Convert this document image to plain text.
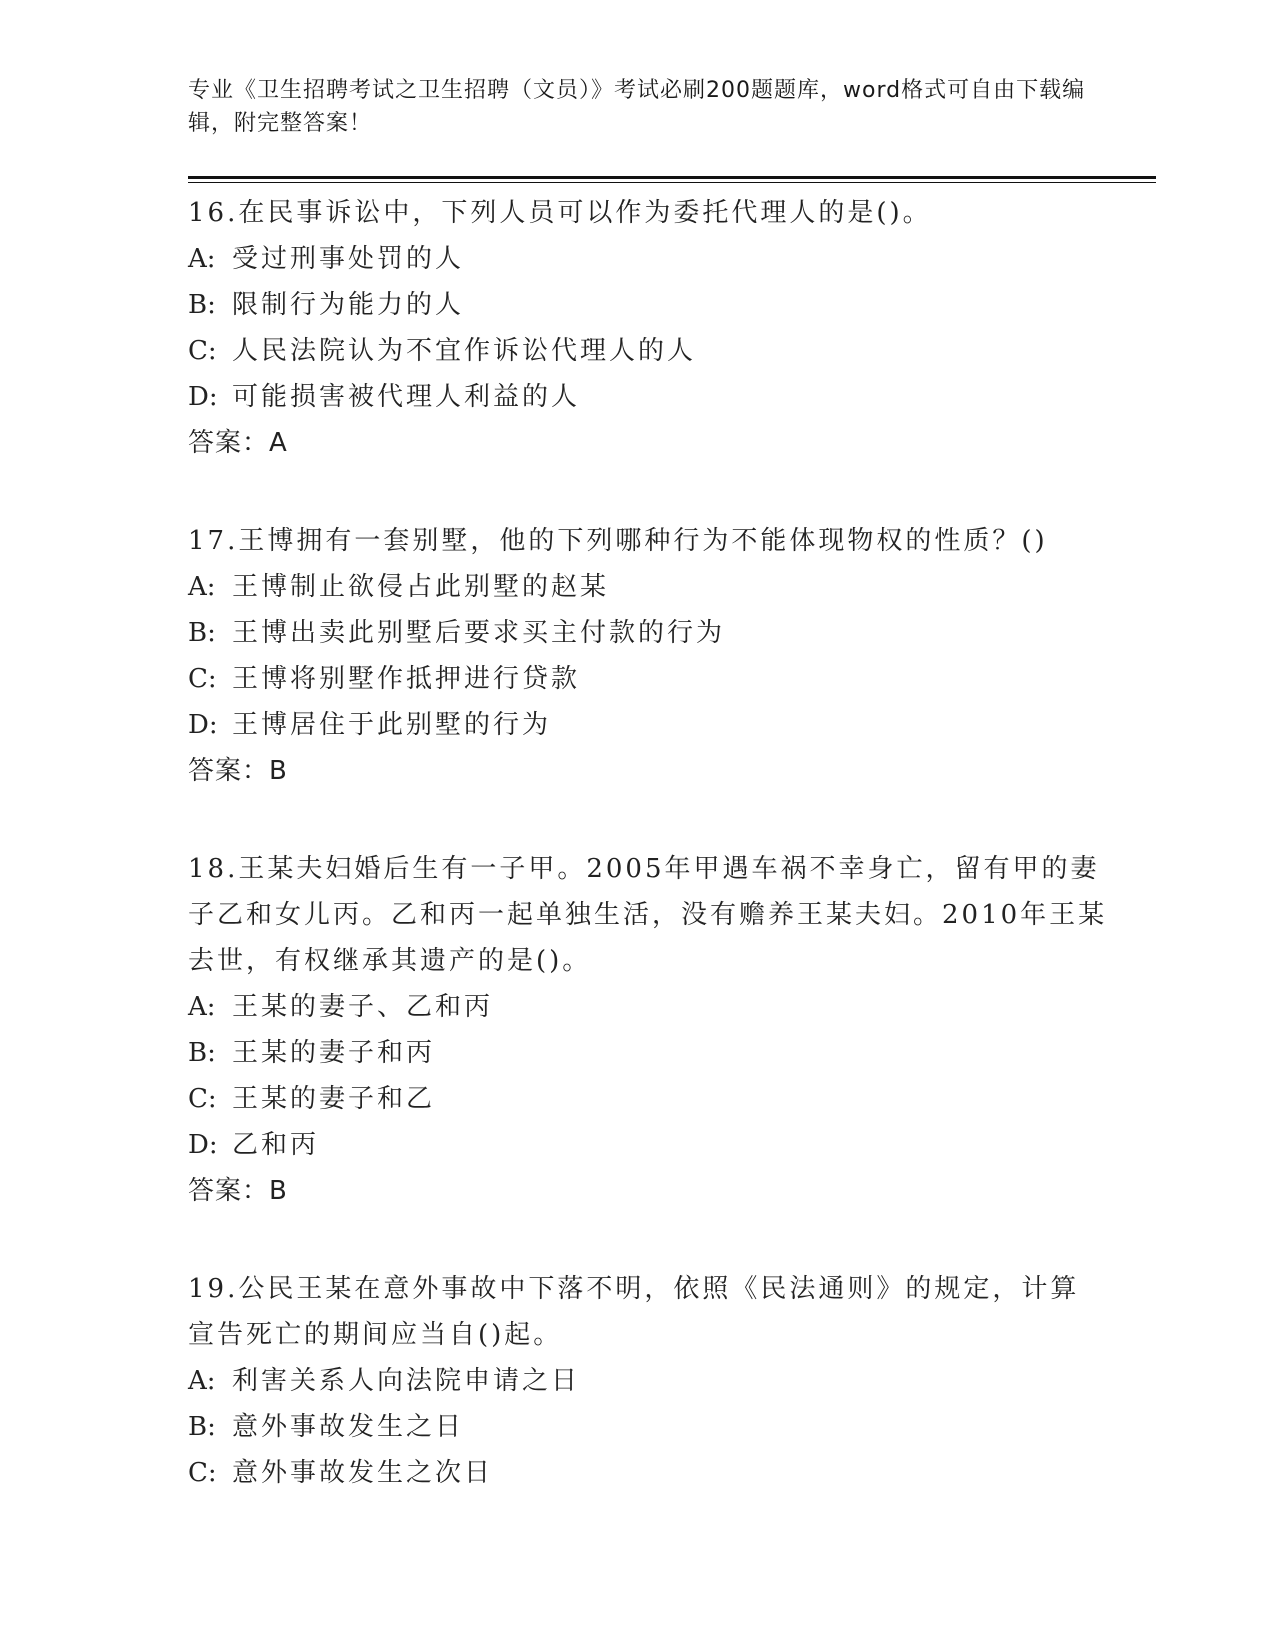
专业《卫生招聘考试之卫生招聘（文员）》考试必刷200题题库，word格式可自由下载编辑，附完整答案！

16.在民事诉讼中，下列人员可以作为委托代理人的是()。

A: 受过刑事处罚的人

B: 限制行为能力的人

C: 人民法院认为不宜作诉讼代理人的人

D: 可能损害被代理人利益的人

答案：A

17.王博拥有一套别墅，他的下列哪种行为不能体现物权的性质？()

A: 王博制止欲侵占此别墅的赵某

B: 王博出卖此别墅后要求买主付款的行为

C: 王博将别墅作抵押进行贷款

D: 王博居住于此别墅的行为

答案：B

18.王某夫妇婚后生有一子甲。2005年甲遇车祸不幸身亡，留有甲的妻子乙和女儿丙。乙和丙一起单独生活，没有赡养王某夫妇。2010年王某去世，有权继承其遗产的是()。

A: 王某的妻子、乙和丙

B: 王某的妻子和丙

C: 王某的妻子和乙

D: 乙和丙

答案：B

19.公民王某在意外事故中下落不明，依照《民法通则》的规定，计算宣告死亡的期间应当自()起。

A: 利害关系人向法院申请之日

B: 意外事故发生之日

C: 意外事故发生之次日
